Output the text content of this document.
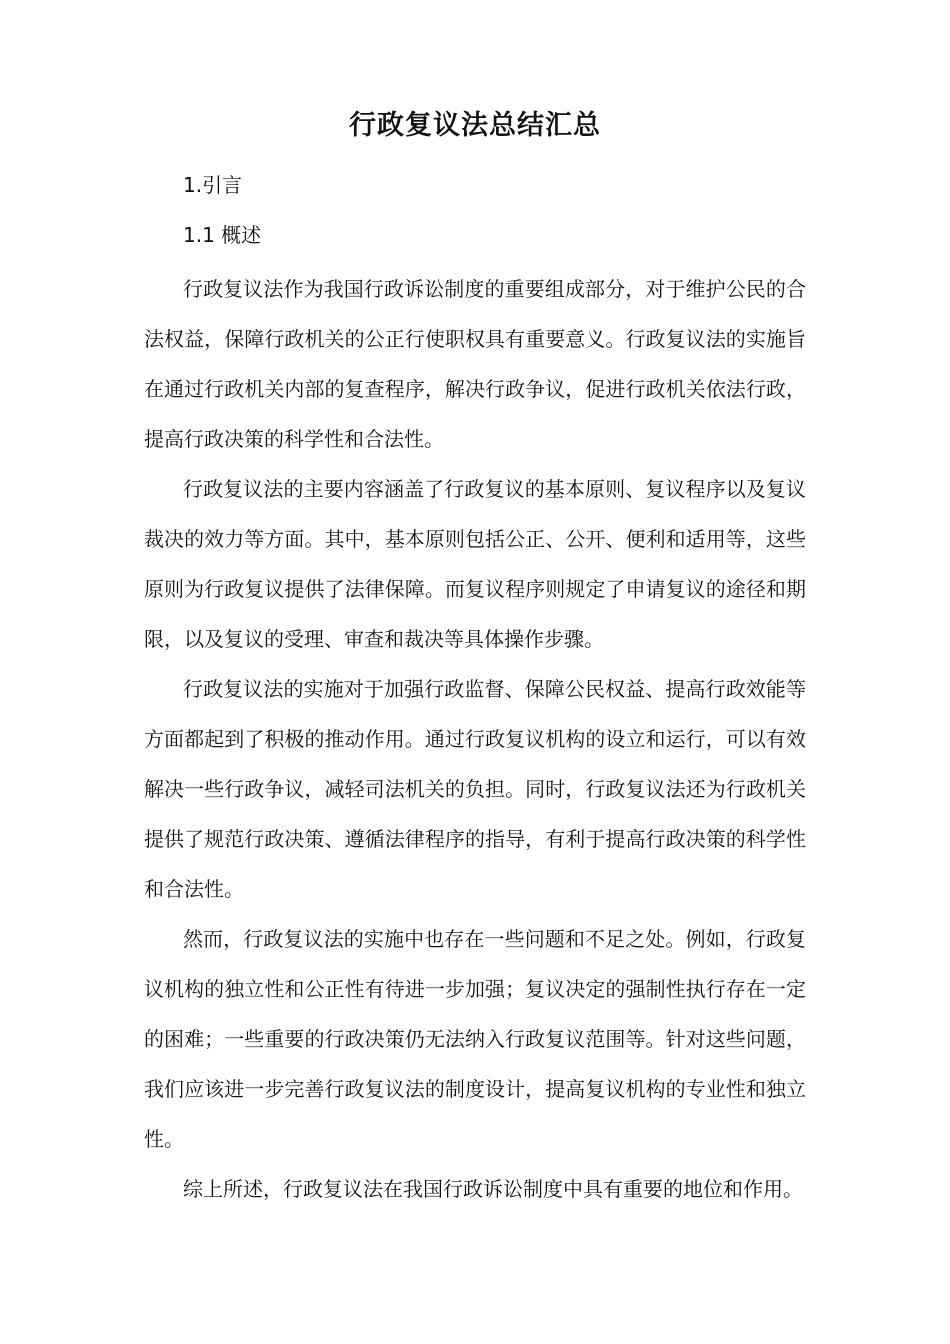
行政复议法总结汇总
1.引言
1.1 概述

行政复议法作为我国行政诉讼制度的重要组成部分，对于维护公民的合法权益，保障行政机关的公正行使职权具有重要意义。行政复议法的实施旨在通过行政机关内部的复查程序，解决行政争议，促进行政机关依法行政，提高行政决策的科学性和合法性。

行政复议法的主要内容涵盖了行政复议的基本原则、复议程序以及复议裁决的效力等方面。其中，基本原则包括公正、公开、便利和适用等，这些原则为行政复议提供了法律保障。而复议程序则规定了申请复议的途径和期限，以及复议的受理、审查和裁决等具体操作步骤。

行政复议法的实施对于加强行政监督、保障公民权益、提高行政效能等方面都起到了积极的推动作用。通过行政复议机构的设立和运行，可以有效解决一些行政争议，减轻司法机关的负担。同时，行政复议法还为行政机关提供了规范行政决策、遵循法律程序的指导，有利于提高行政决策的科学性和合法性。

然而，行政复议法的实施中也存在一些问题和不足之处。例如，行政复议机构的独立性和公正性有待进一步加强；复议决定的强制性执行存在一定的困难；一些重要的行政决策仍无法纳入行政复议范围等。针对这些问题，我们应该进一步完善行政复议法的制度设计，提高复议机构的专业性和独立性。

综上所述，行政复议法在我国行政诉讼制度中具有重要的地位和作用。
